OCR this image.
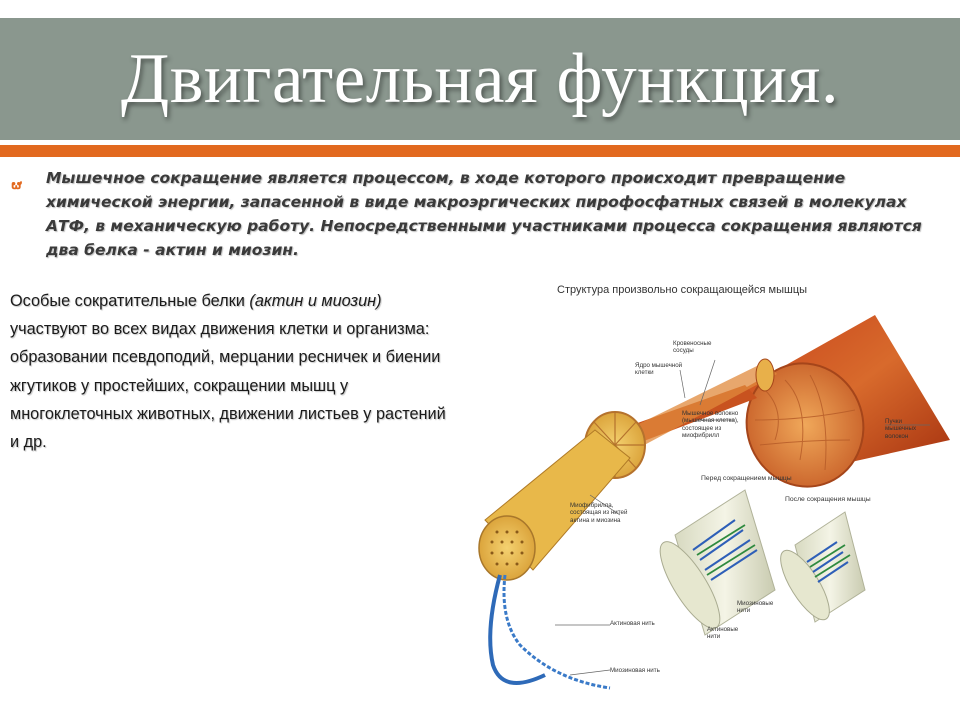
Двигательная функция.
ຜ Мышечное сокращение является процессом, в ходе которого происходит превращение химической энергии, запасенной в виде макроэргических пирофосфатных связей в молекулах АТФ, в механическую работу. Непосредственными участниками процесса сокращения являются два белка - актин и миозин.

Особые сократительные белки (актин и миозин) участвуют во всех видах движения клетки и организма: образовании псевдоподий, мерцании ресничек и биении жгутиков у простейших, сокращении мышц у многоклеточных животных, движении листьев у растений и др.

Структура произвольно сокращающейся мышцы

Кровеносные сосуды

Ядро мышечной клетки

Мышечное волокно (мышечная клетка), состоящее из миофибрилл

Пучки мышечных волокон

Миофибрилла, состоящая из нитей актина и миозина

Актиновая нить

Миозиновая нить

Перед сокращением мышцы
После сокращения мышцы

Миозиновые нити

Актиновые нити
